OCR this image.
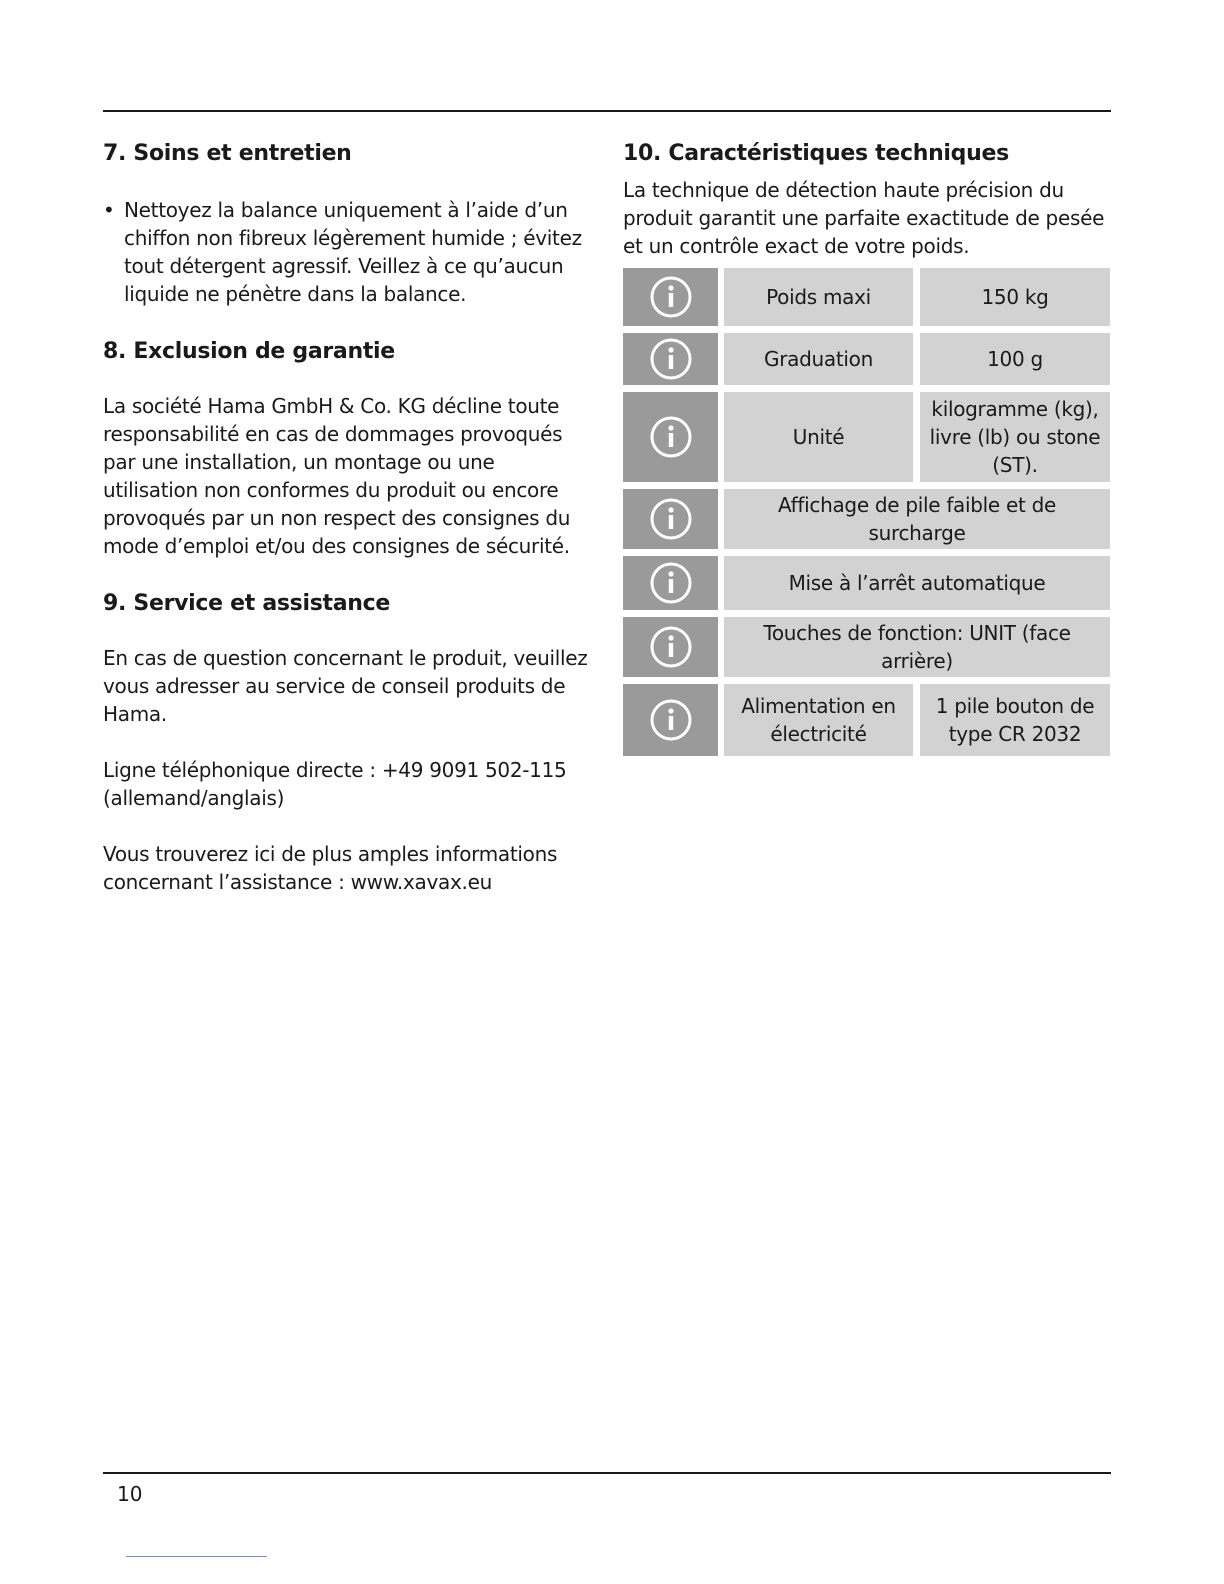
7. Soins et entretien
• Nettoyez la balance uniquement à l’aide d’un chiffon non fibreux légèrement humide ; évitez tout détergent agressif. Veillez à ce qu’aucun liquide ne pénètre dans la balance.
8. Exclusion de garantie

La société Hama GmbH & Co. KG décline toute responsabilité en cas de dommages provoqués par une installation, un montage ou une utilisation non conformes du produit ou encore provoqués par un non respect des consignes du mode d’emploi et/ou des consignes de sécurité.

9. Service et assistance

En cas de question concernant le produit, veuillez vous adresser au service de conseil produits de Hama.

Ligne téléphonique directe : +49 9091 502-115 (allemand/anglais)

Vous trouverez ici de plus amples informations concernant l’assistance : www.xavax.eu

10. Caractéristiques techniques

La technique de détection haute précision du produit garantit une parfaite exactitude de pesée et un contrôle exact de votre poids.

Poids maxi	150 kg
Graduation	100 g
Unité
kilogramme (kg), livre (lb) ou stone (ST).
Affichage de pile faible et de surcharge
Mise à l’arrêt automatique
Touches de fonction: UNIT (face arrière)
Alimentation en électricité
1 pile bouton de type CR 2032
10
